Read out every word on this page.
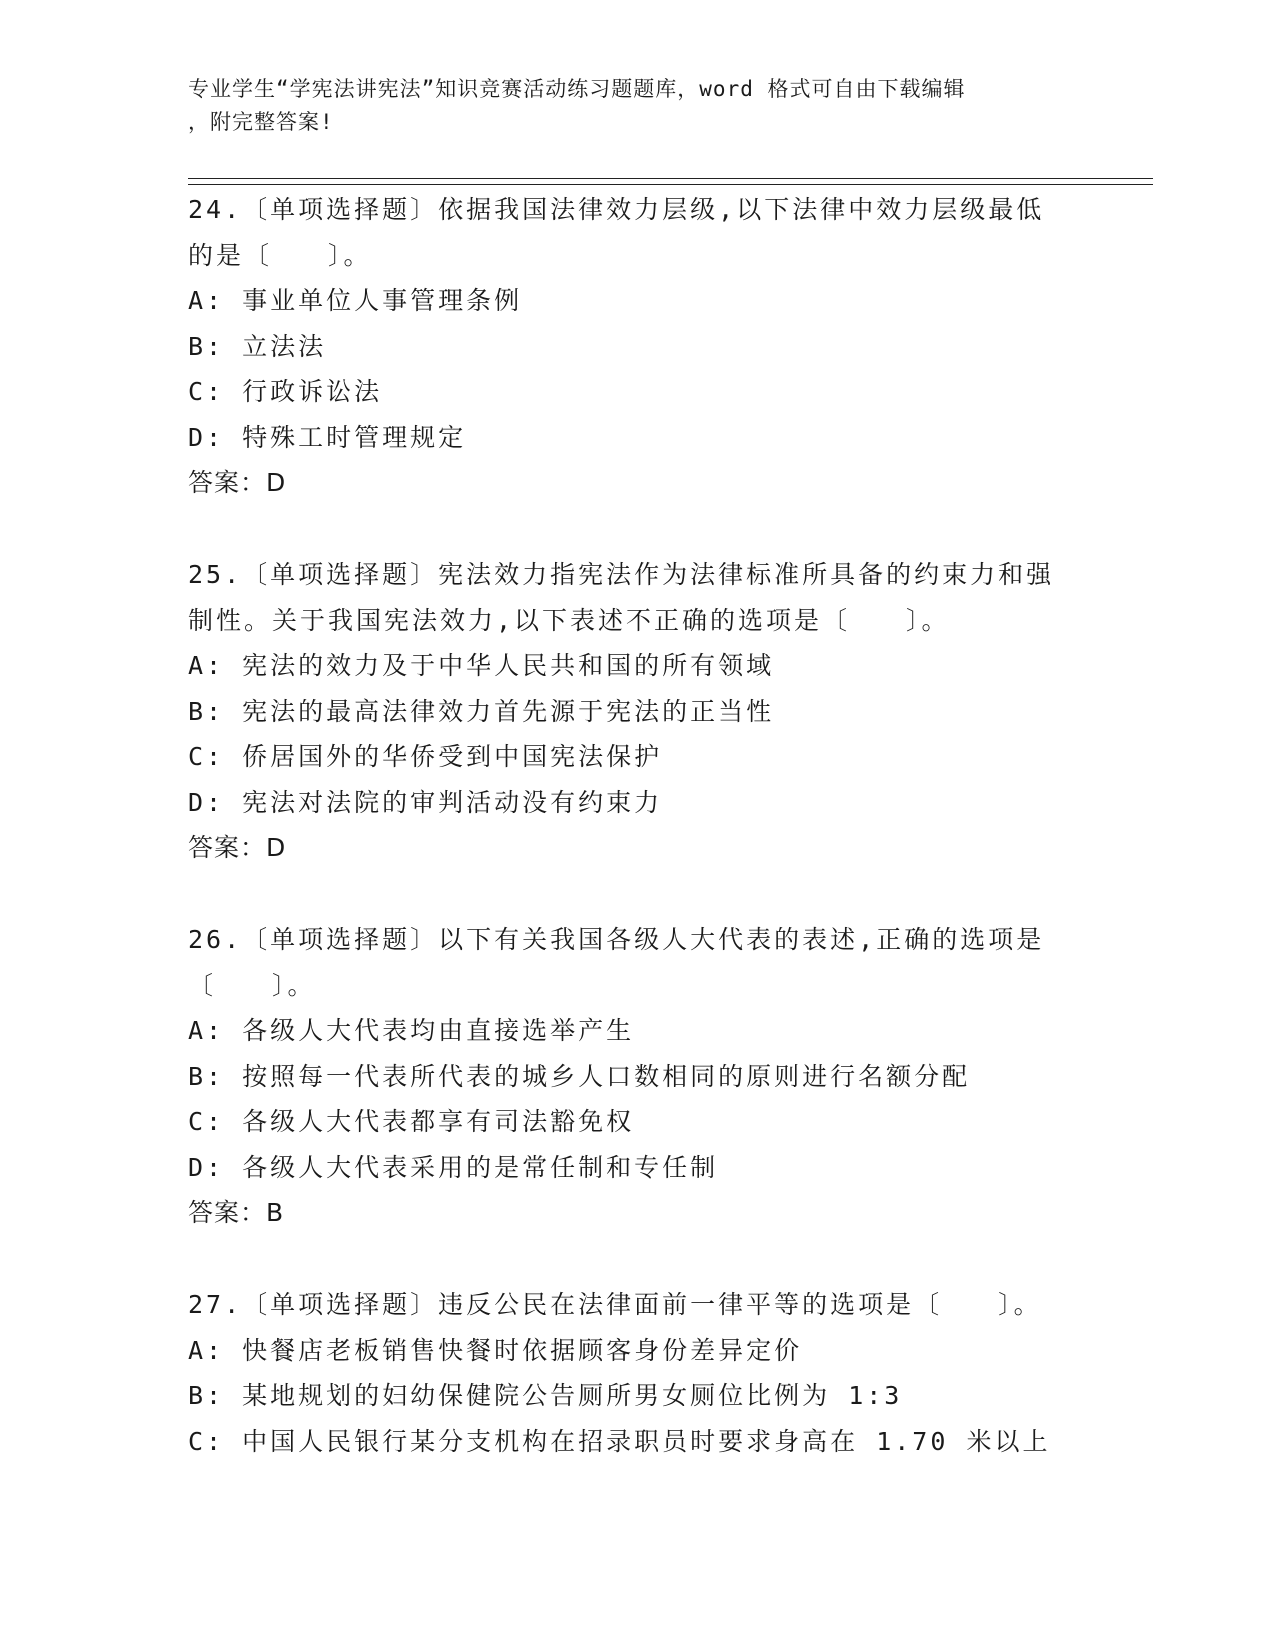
专业学生“学宪法讲宪法”知识竞赛活动练习题题库，word 格式可自由下载编辑
，附完整答案!
24.〔单项选择题〕依据我国法律效力层级,以下法律中效力层级最低
的是〔　　〕。
A: 事业单位人事管理条例
B: 立法法
C: 行政诉讼法
D: 特殊工时管理规定
答案：D
25.〔单项选择题〕宪法效力指宪法作为法律标准所具备的约束力和强
制性。关于我国宪法效力,以下表述不正确的选项是〔　　〕。
A: 宪法的效力及于中华人民共和国的所有领域
B: 宪法的最高法律效力首先源于宪法的正当性
C: 侨居国外的华侨受到中国宪法保护
D: 宪法对法院的审判活动没有约束力
答案：D
26.〔单项选择题〕以下有关我国各级人大代表的表述,正确的选项是
〔　　〕。
A: 各级人大代表均由直接选举产生
B: 按照每一代表所代表的城乡人口数相同的原则进行名额分配
C: 各级人大代表都享有司法豁免权
D: 各级人大代表采用的是常任制和专任制
答案：B
27.〔单项选择题〕违反公民在法律面前一律平等的选项是〔　　〕。
A: 快餐店老板销售快餐时依据顾客身份差异定价
B: 某地规划的妇幼保健院公告厕所男女厕位比例为 1:3
C: 中国人民银行某分支机构在招录职员时要求身高在 1.70 米以上
